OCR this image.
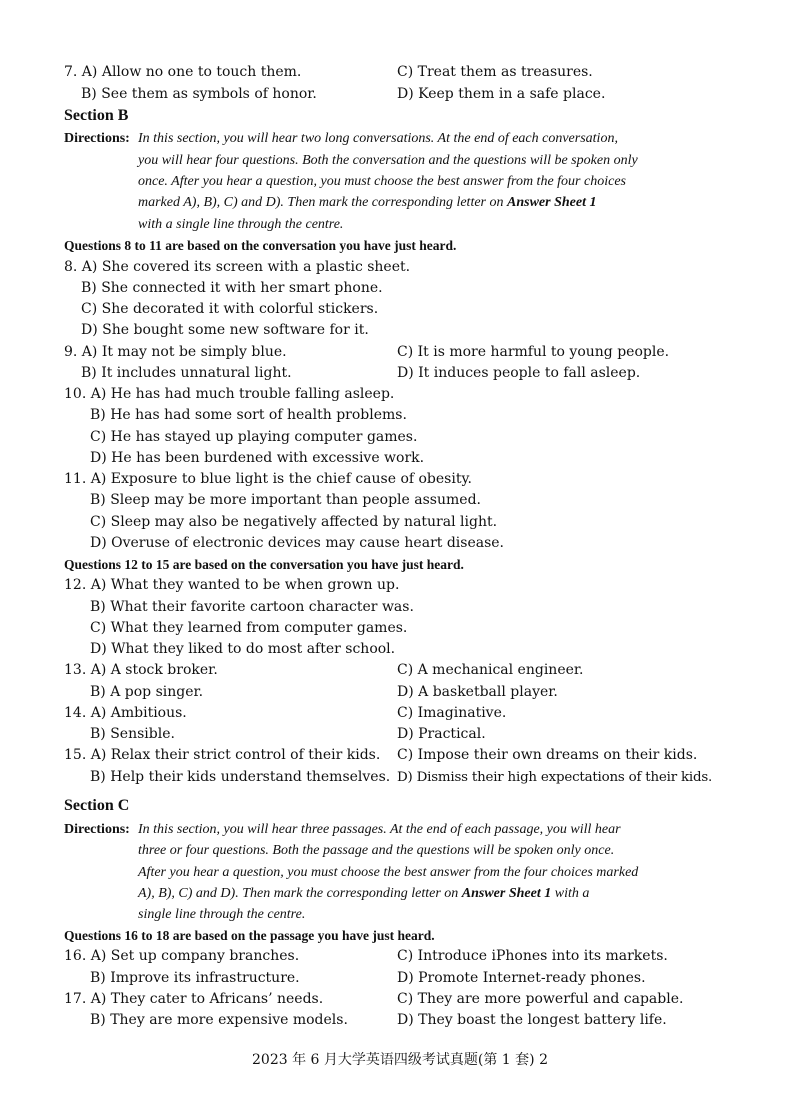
7. A) Allow no one to touch them.	C) Treat them as treasures.
B) See them as symbols of honor.	D) Keep them in a safe place.
Section B
Directions: In this section, you will hear two long conversations. At the end of each conversation,
you will hear four questions. Both the conversation and the questions will be spoken only
once. After you hear a question, you must choose the best answer from the four choices
marked A), B), C) and D). Then mark the corresponding letter on Answer Sheet 1
with a single line through the centre.
Questions 8 to 11 are based on the conversation you have just heard.
8. A) She covered its screen with a plastic sheet.
B) She connected it with her smart phone.
C) She decorated it with colorful stickers.
D) She bought some new software for it.
9. A) It may not be simply blue.	C) It is more harmful to young people.
B) It includes unnatural light.	D) It induces people to fall asleep.
10. A) He has had much trouble falling asleep.
B) He has had some sort of health problems.
C) He has stayed up playing computer games.
D) He has been burdened with excessive work.
11. A) Exposure to blue light is the chief cause of obesity.
B) Sleep may be more important than people assumed.
C) Sleep may also be negatively affected by natural light.
D) Overuse of electronic devices may cause heart disease.
Questions 12 to 15 are based on the conversation you have just heard.
12. A) What they wanted to be when grown up.
B) What their favorite cartoon character was.
C) What they learned from computer games.
D) What they liked to do most after school.
13. A) A stock broker.	C) A mechanical engineer.
B) A pop singer.	D) A basketball player.
14. A) Ambitious.	C) Imaginative.
B) Sensible.	D) Practical.
15. A) Relax their strict control of their kids. C) Impose their own dreams on their kids.
B) Help their kids understand themselves. D) Dismiss their high expectations of their kids.
Section C
Directions: In this section, you will hear three passages. At the end of each passage, you will hear
three or four questions. Both the passage and the questions will be spoken only once.
After you hear a question, you must choose the best answer from the four choices marked
A), B), C) and D). Then mark the corresponding letter on Answer Sheet 1 with a
single line through the centre.
Questions 16 to 18 are based on the passage you have just heard.
16. A) Set up company branches.	C) Introduce iPhones into its markets.
B) Improve its infrastructure.	D) Promote Internet-ready phones.
17. A) They cater to Africans’ needs.	C) They are more powerful and capable.
B) They are more expensive models.	D) They boast the longest battery life.
2023 年 6 月大学英语四级考试真题(第 1 套) 2
